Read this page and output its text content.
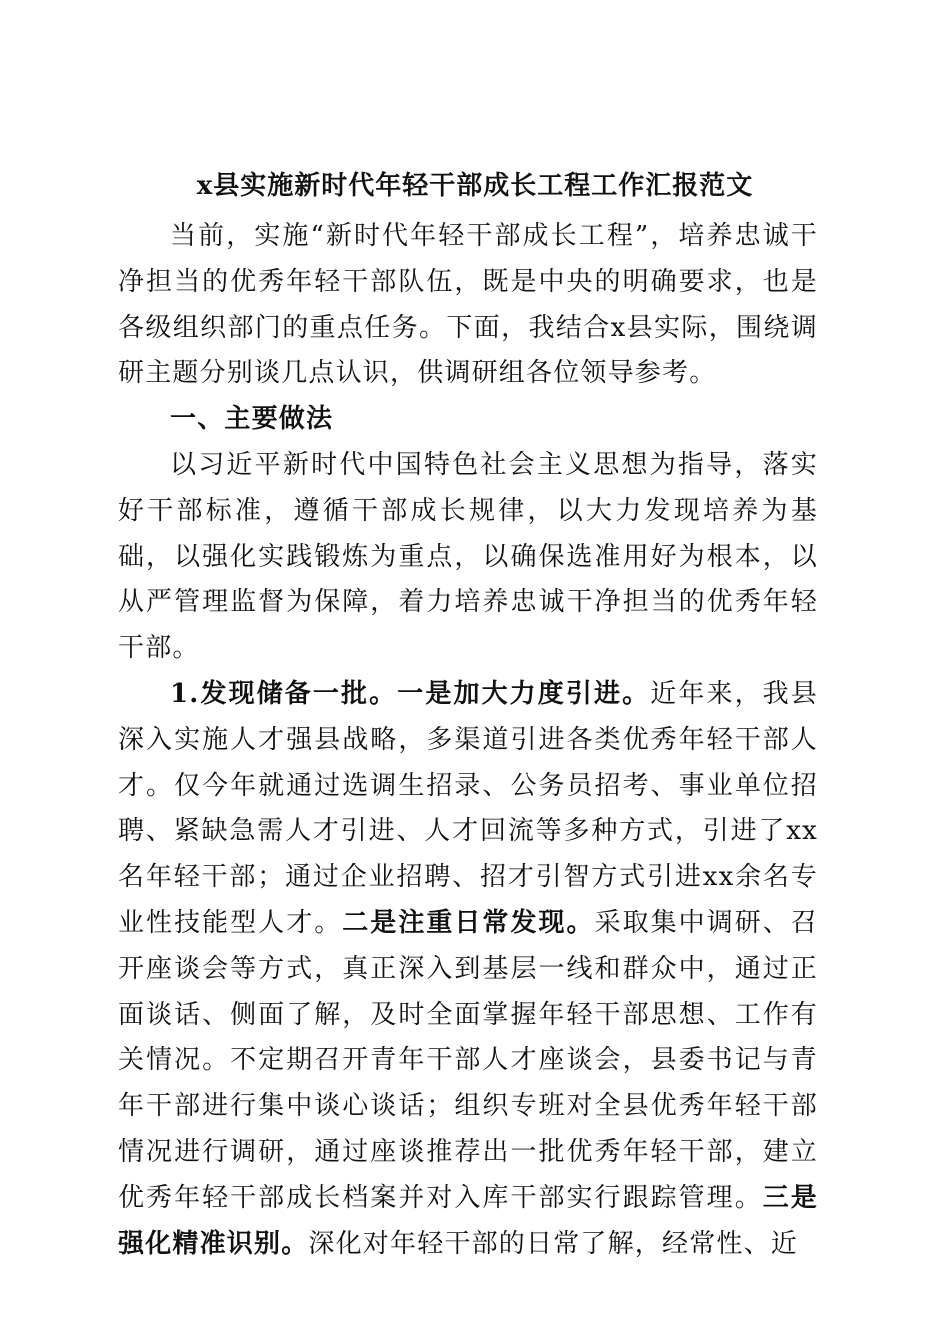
x县实施新时代年轻干部成长工程工作汇报范文

当前，实施“新时代年轻干部成长工程”，培养忠诚干净担当的优秀年轻干部队伍，既是中央的明确要求，也是各级组织部门的重点任务。下面，我结合x县实际，围绕调研主题分别谈几点认识，供调研组各位领导参考。

一、主要做法

以习近平新时代中国特色社会主义思想为指导，落实好干部标准，遵循干部成长规律，以大力发现培养为基础，以强化实践锻炼为重点，以确保选准用好为根本，以从严管理监督为保障，着力培养忠诚干净担当的优秀年轻干部。

1.发现储备一批。一是加大力度引进。近年来，我县深入实施人才强县战略，多渠道引进各类优秀年轻干部人才。仅今年就通过选调生招录、公务员招考、事业单位招聘、紧缺急需人才引进、人才回流等多种方式，引进了xx名年轻干部；通过企业招聘、招才引智方式引进xx余名专业性技能型人才。二是注重日常发现。采取集中调研、召开座谈会等方式，真正深入到基层一线和群众中，通过正面谈话、侧面了解，及时全面掌握年轻干部思想、工作有关情况。不定期召开青年干部人才座谈会，县委书记与青年干部进行集中谈心谈话；组织专班对全县优秀年轻干部情况进行调研，通过座谈推荐出一批优秀年轻干部，建立优秀年轻干部成长档案并对入库干部实行跟踪管理。三是强化精准识别。深化对年轻干部的日常了解，经常性、近
